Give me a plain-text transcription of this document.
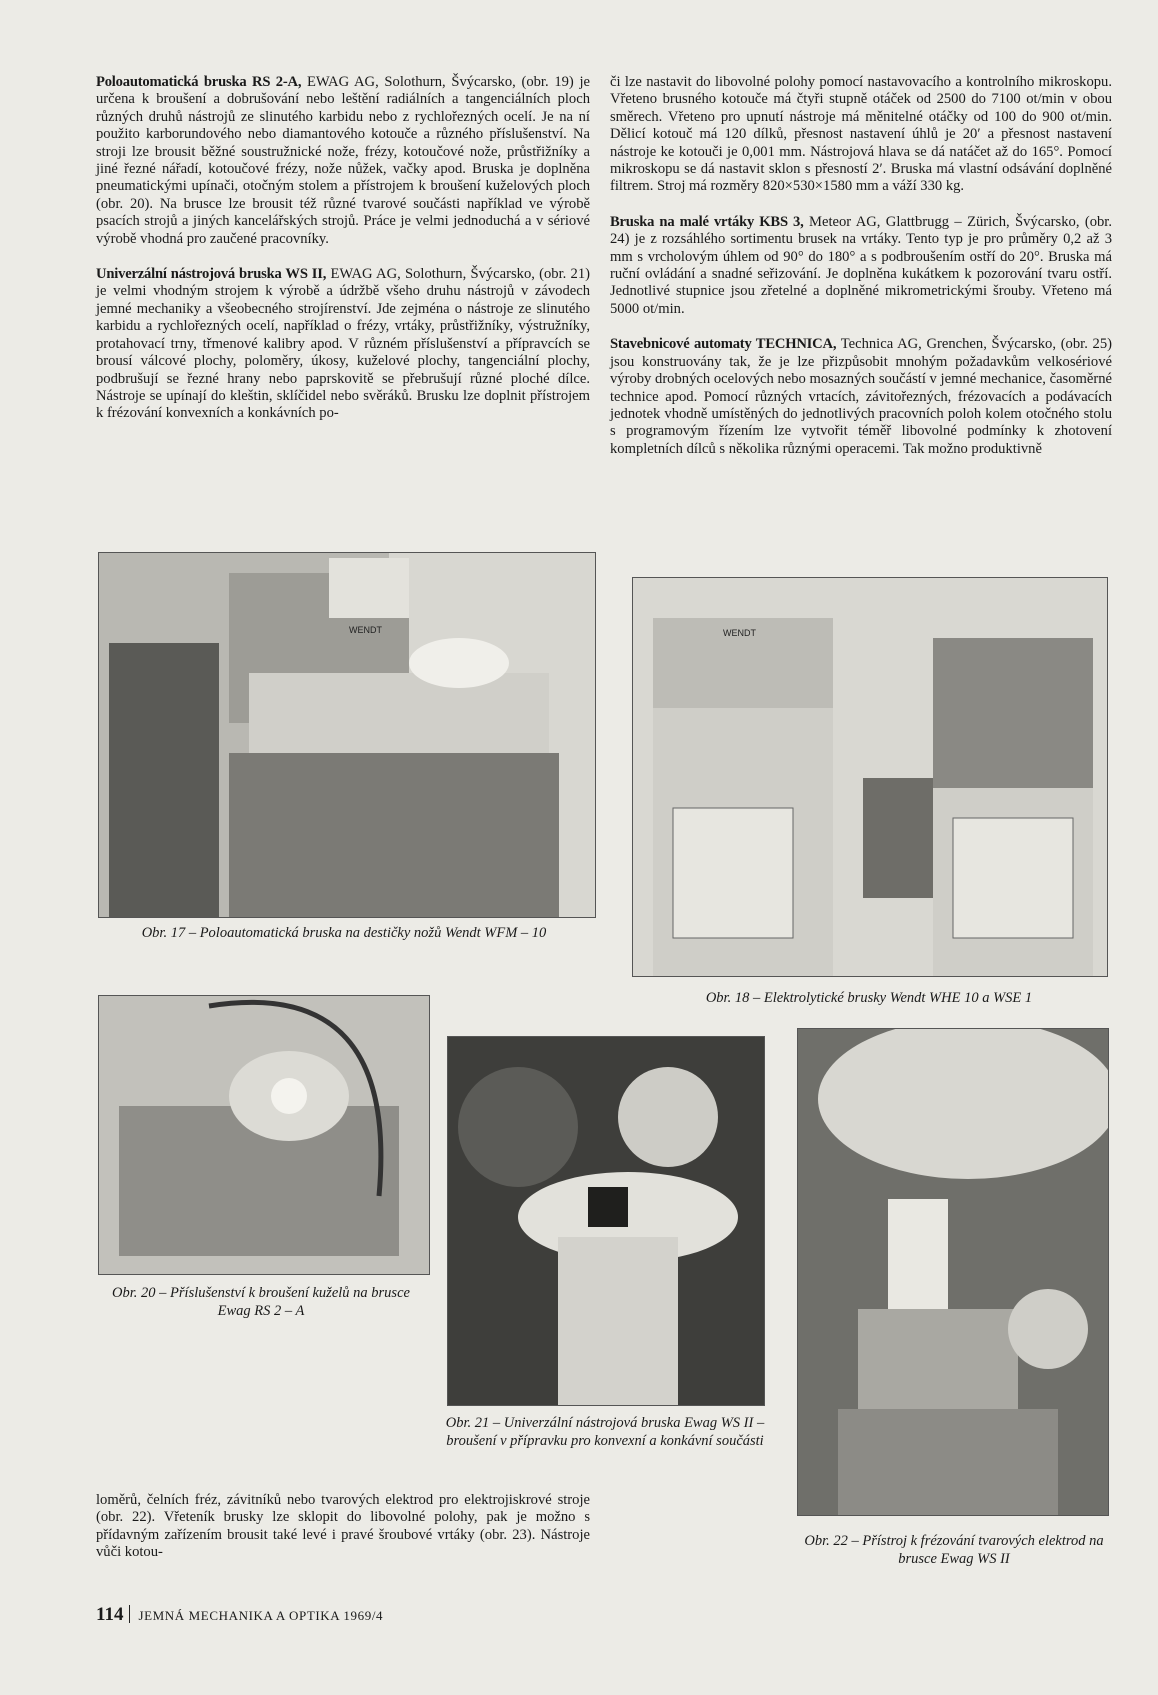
Poloautomatická bruska RS 2-A, EWAG AG, Solothurn, Švýcarsko, (obr. 19) je určena k broušení a dobrušování nebo leštění radiálních a tangenciálních ploch různých druhů nástrojů ze slinutého karbidu nebo z rychlořezných ocelí. Je na ní použito karborundového nebo diamantového kotouče a různého příslušenství. Na stroji lze brousit běžné soustružnické nože, frézy, kotoučové nože, průstřižníky a jiné řezné nářadí, kotoučové frézy, nože nůžek, vačky apod. Bruska je doplněna pneumatickými upínači, otočným stolem a přístrojem k broušení kuželových ploch (obr. 20). Na brusce lze brousit též různé tvarové součásti například ve výrobě psacích strojů a jiných kancelářských strojů. Práce je velmi jednoduchá a v sériové výrobě vhodná pro zaučené pracovníky.

Univerzální nástrojová bruska WS II, EWAG AG, Solothurn, Švýcarsko, (obr. 21) je velmi vhodným strojem k výrobě a údržbě všeho druhu nástrojů v závodech jemné mechaniky a všeobecného strojírenství. Jde zejména o nástroje ze slinutého karbidu a rychlořezných ocelí, například o frézy, vrtáky, průstřižníky, výstružníky, protahovací trny, třmenové kalibry apod. V různém příslušenství a přípravcích se brousí válcové plochy, poloměry, úkosy, kuželové plochy, tangenciální plochy, podbrušují se řezné hrany nebo paprskovitě se přebrušují různé ploché dílce. Nástroje se upínají do kleštin, sklíčidel nebo svěráků. Brusku lze doplnit přístrojem k frézování konvexních a konkávních po-

či lze nastavit do libovolné polohy pomocí nastavovacího a kontrolního mikroskopu. Vřeteno brusného kotouče má čtyři stupně otáček od 2500 do 7100 ot/min v obou směrech. Vřeteno pro upnutí nástroje má měnitelné otáčky od 100 do 900 ot/min. Dělicí kotouč má 120 dílků, přesnost nastavení úhlů je 20′ a přesnost nastavení nástroje ke kotouči je 0,001 mm. Nástrojová hlava se dá natáčet až do 165°. Pomocí mikroskopu se dá nastavit sklon s přesností 2′. Bruska má vlastní odsávání doplněné filtrem. Stroj má rozměry 820×530×1580 mm a váží 330 kg.

Bruska na malé vrtáky KBS 3, Meteor AG, Glattbrugg – Zürich, Švýcarsko, (obr. 24) je z rozsáhlého sortimentu brusek na vrtáky. Tento typ je pro průměry 0,2 až 3 mm s vrcholovým úhlem od 90° do 180° a s podbroušením ostří do 20°. Bruska má ruční ovládání a snadné seřizování. Je doplněna kukátkem k pozorování tvaru ostří. Jednotlivé stupnice jsou zřetelné a doplněné mikrometrickými šrouby. Vřeteno má 5000 ot/min.

Stavebnicové automaty TECHNICA, Technica AG, Grenchen, Švýcarsko, (obr. 25) jsou konstruovány tak, že je lze přizpůsobit mnohým požadavkům velkosériové výroby drobných ocelových nebo mosazných součástí v jemné mechanice, časoměrné technice apod. Pomocí různých vrtacích, závitořezných, frézovacích a podávacích jednotek vhodně umístěných do jednotlivých pracovních poloh kolem otočného stolu s programovým řízením lze vytvořit téměř libovolné podmínky k zhotovení kompletních dílců s několika různými operacemi. Tak možno produktivně

WENDT
Obr. 17 – Poloautomatická bruska na destičky nožů Wendt WFM – 10
WENDT
Obr. 18 – Elektrolytické brusky Wendt WHE 10 a WSE 1
Obr. 20 – Příslušenství k broušení kuželů na brusce Ewag RS 2 – A
Obr. 21 – Univerzální nástrojová bruska Ewag WS II – broušení v přípravku pro konvexní a konkávní součásti
Obr. 22 – Přístroj k frézování tvarových elektrod na brusce Ewag WS II

loměrů, čelních fréz, závitníků nebo tvarových elektrod pro elektrojiskrové stroje (obr. 22). Vřeteník brusky lze sklopit do libovolné polohy, pak je možno s přídavným zařízením brousit také levé i pravé šroubové vrtáky (obr. 23). Nástroje vůči kotou-

114 JEMNÁ MECHANIKA A OPTIKA 1969/4
